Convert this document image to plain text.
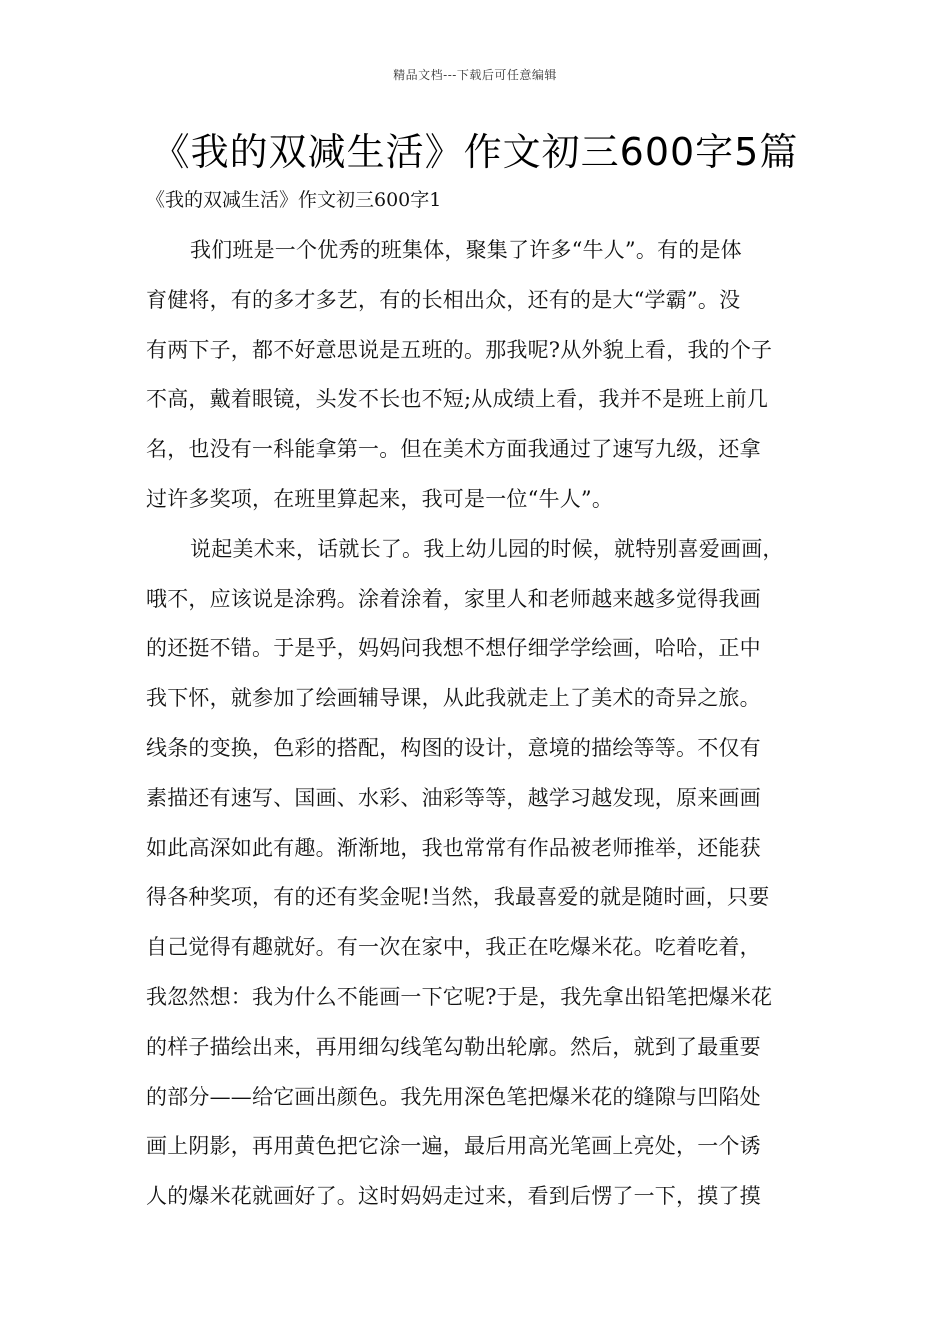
精品文档---下载后可任意编辑
《我的双减生活》作文初三600字5篇
《我的双减生活》作文初三600字1
我们班是一个优秀的班集体，聚集了许多“牛人”。有的是体
育健将，有的多才多艺，有的长相出众，还有的是大“学霸”。没
有两下子，都不好意思说是五班的。那我呢?从外貌上看，我的个子
不高，戴着眼镜，头发不长也不短;从成绩上看，我并不是班上前几
名，也没有一科能拿第一。但在美术方面我通过了速写九级，还拿
过许多奖项，在班里算起来，我可是一位“牛人”。
说起美术来，话就长了。我上幼儿园的时候，就特别喜爱画画，
哦不，应该说是涂鸦。涂着涂着，家里人和老师越来越多觉得我画
的还挺不错。于是乎，妈妈问我想不想仔细学学绘画，哈哈，正中
我下怀，就参加了绘画辅导课，从此我就走上了美术的奇异之旅。
线条的变换，色彩的搭配，构图的设计，意境的描绘等等。不仅有
素描还有速写、国画、水彩、油彩等等，越学习越发现，原来画画
如此高深如此有趣。渐渐地，我也常常有作品被老师推举，还能获
得各种奖项，有的还有奖金呢!当然，我最喜爱的就是随时画，只要
自己觉得有趣就好。有一次在家中，我正在吃爆米花。吃着吃着，
我忽然想：我为什么不能画一下它呢?于是，我先拿出铅笔把爆米花
的样子描绘出来，再用细勾线笔勾勒出轮廓。然后，就到了最重要
的部分——给它画出颜色。我先用深色笔把爆米花的缝隙与凹陷处
画上阴影，再用黄色把它涂一遍，最后用高光笔画上亮处，一个诱
人的爆米花就画好了。这时妈妈走过来，看到后愣了一下，摸了摸
